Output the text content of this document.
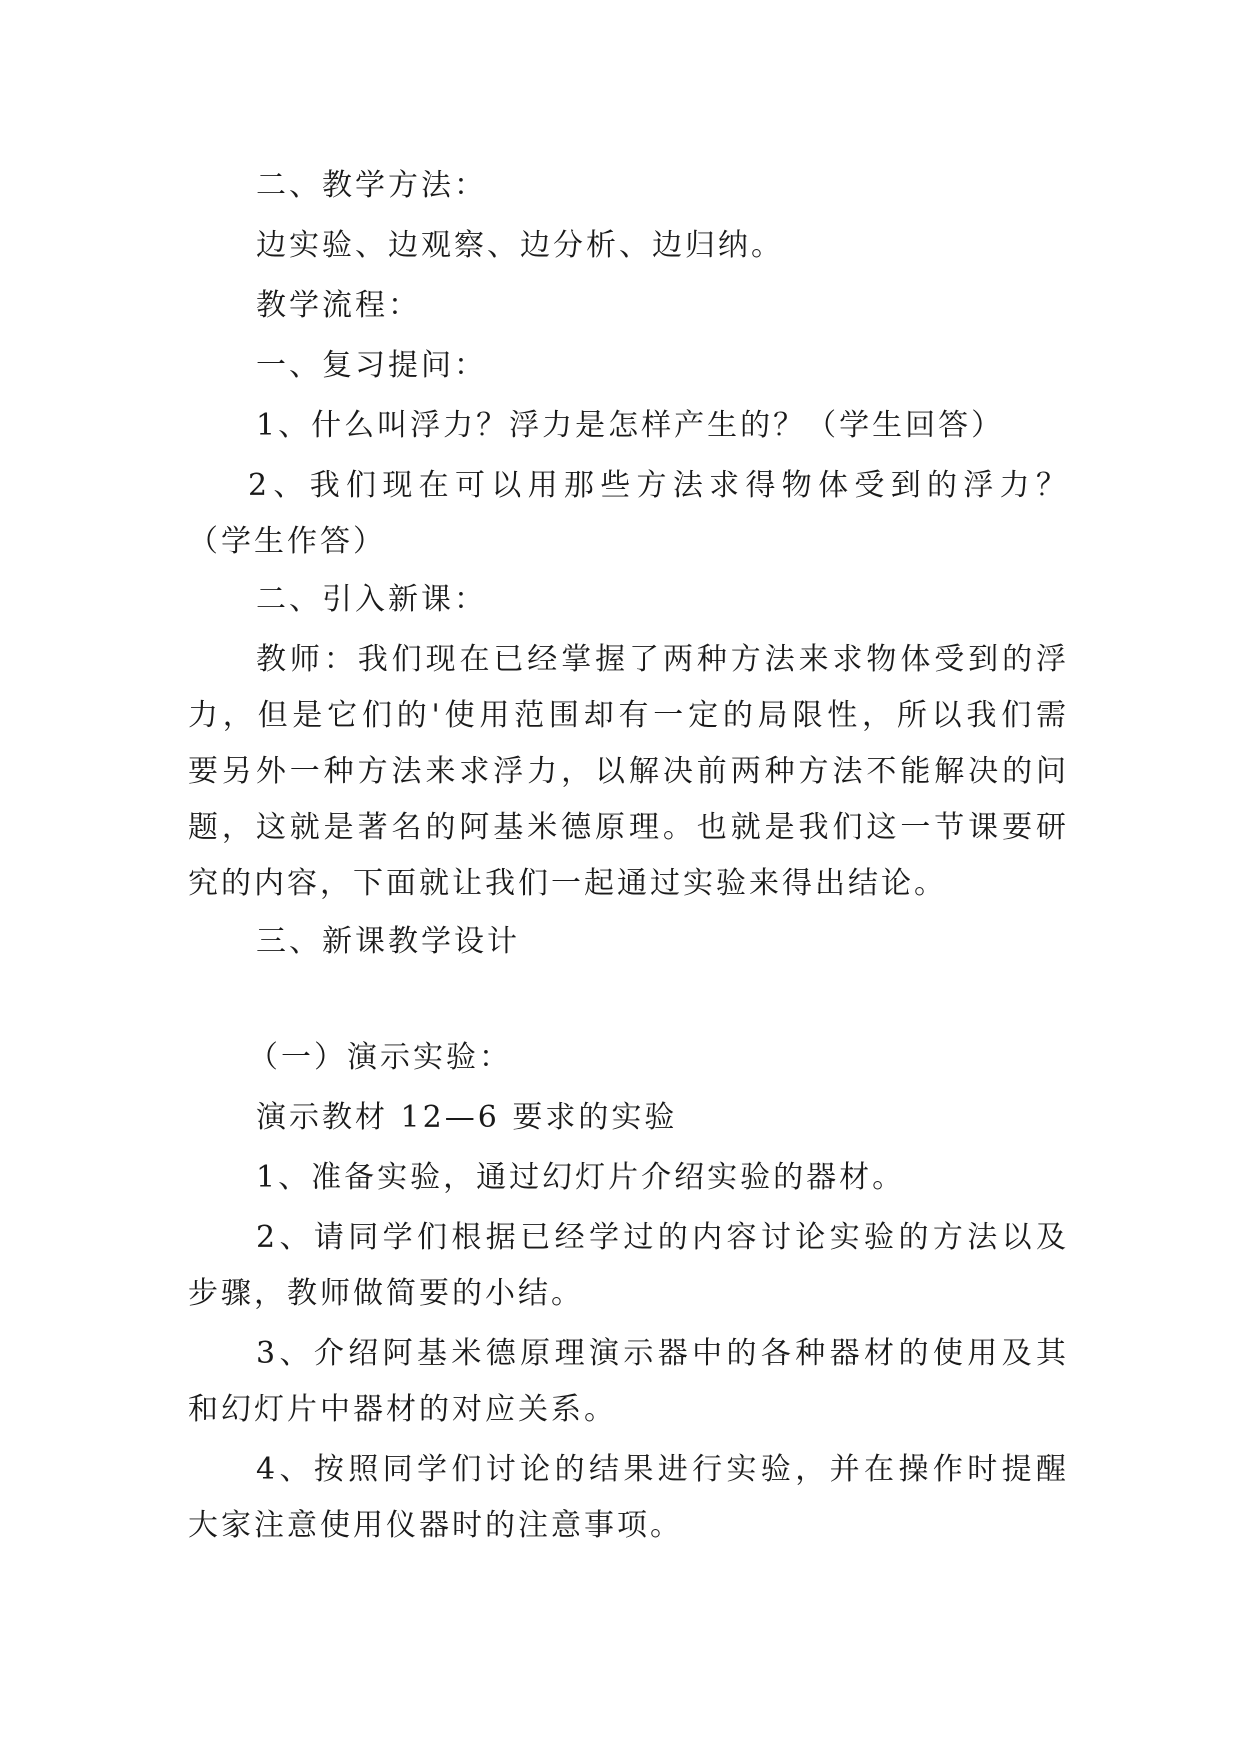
二、教学方法：

边实验、边观察、边分析、边归纳。

教学流程：

一、复习提问：

1、什么叫浮力？浮力是怎样产生的？（学生回答）

2、我们现在可以用那些方法求得物体受到的浮力？

（学生作答）

二、引入新课：

教师：我们现在已经掌握了两种方法来求物体受到的浮

力，但是它们的'使用范围却有一定的局限性，所以我们需

要另外一种方法来求浮力，以解决前两种方法不能解决的问

题，这就是著名的阿基米德原理。也就是我们这一节课要研

究的内容，下面就让我们一起通过实验来得出结论。

三、新课教学设计

（一）演示实验：

演示教材 12—6 要求的实验

1、准备实验，通过幻灯片介绍实验的器材。

2、请同学们根据已经学过的内容讨论实验的方法以及

步骤，教师做简要的小结。

3、介绍阿基米德原理演示器中的各种器材的使用及其

和幻灯片中器材的对应关系。

4、按照同学们讨论的结果进行实验，并在操作时提醒

大家注意使用仪器时的注意事项。
